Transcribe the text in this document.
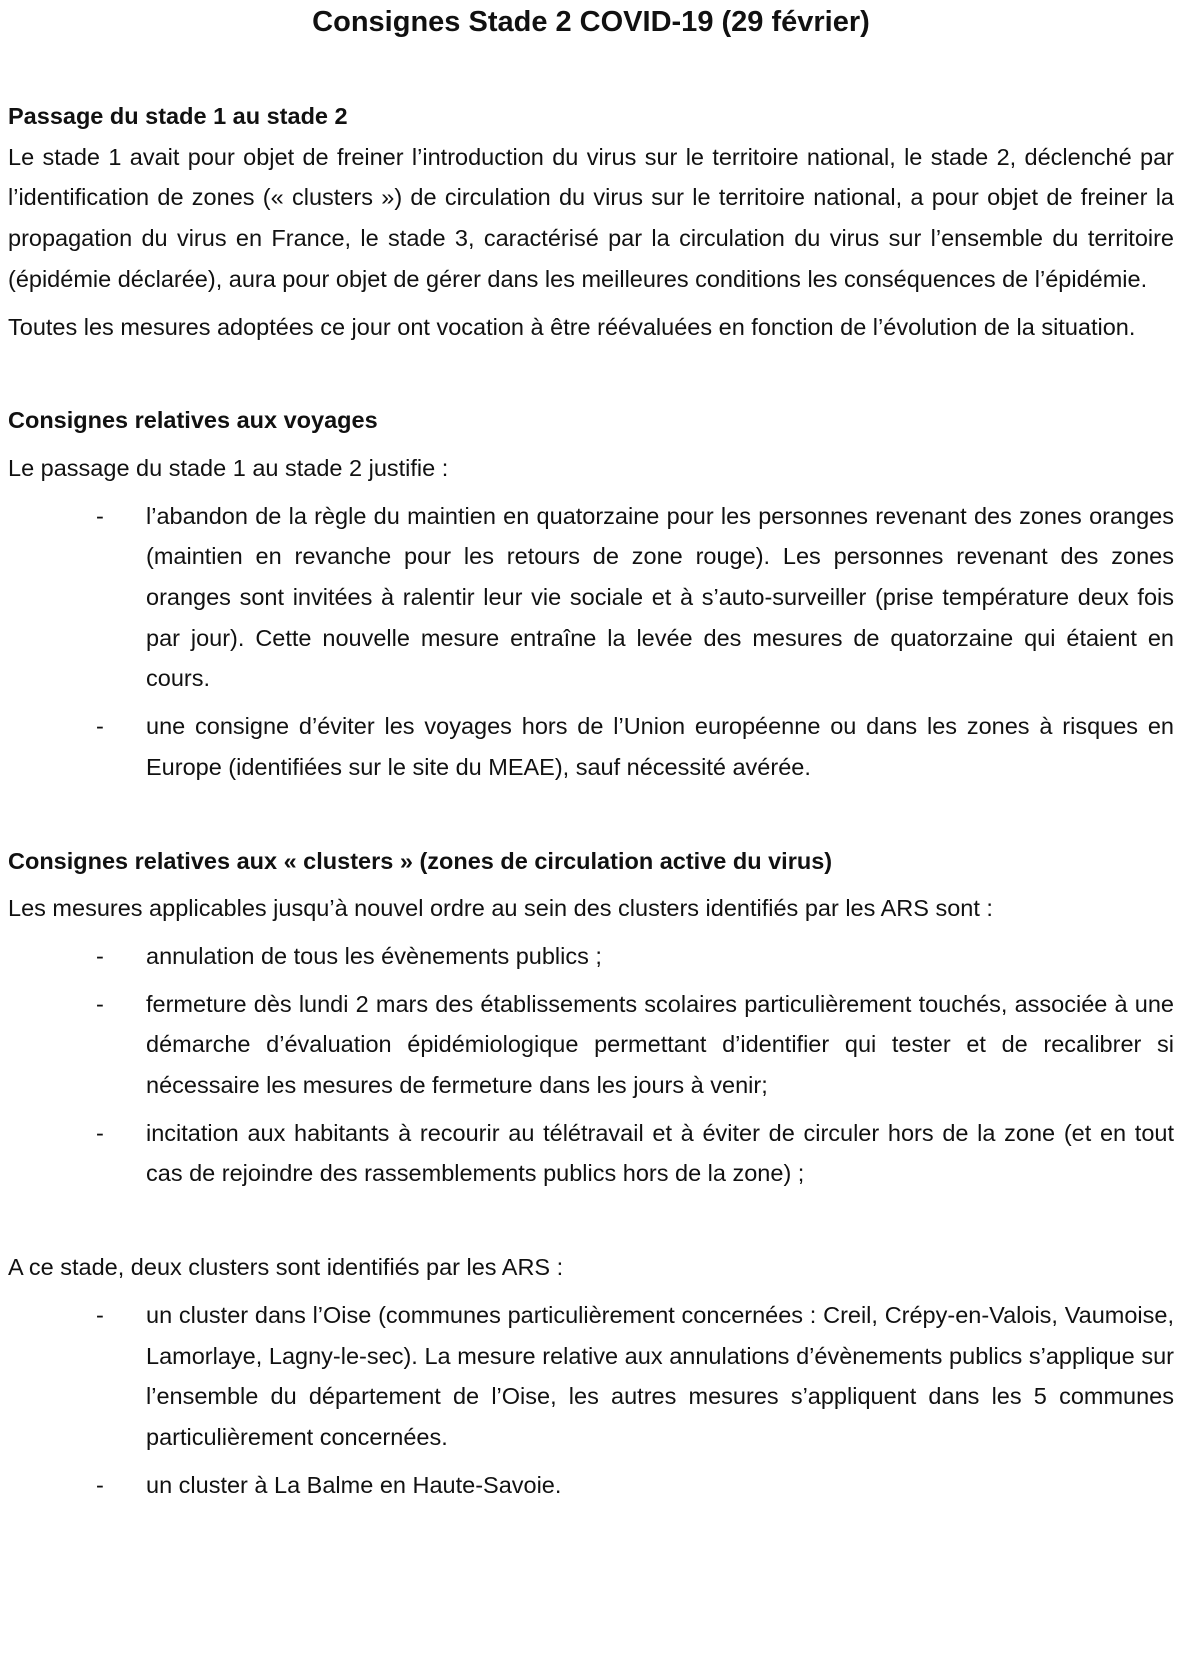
Consignes Stade 2 COVID-19 (29 février)
Passage du stade 1 au stade 2

Le stade 1 avait pour objet de freiner l’introduction du virus sur le territoire national, le stade 2, déclenché par l’identification de zones (« clusters ») de circulation du virus sur le territoire national, a pour objet de freiner la propagation du virus en France, le stade 3, caractérisé par la circulation du virus sur l’ensemble du territoire (épidémie déclarée), aura pour objet de gérer dans les meilleures conditions les conséquences de l’épidémie.

Toutes les mesures adoptées ce jour ont vocation à être réévaluées en fonction de l’évolution de la situation.

Consignes relatives aux voyages

Le passage du stade 1 au stade 2 justifie :

- l’abandon de la règle du maintien en quatorzaine pour les personnes revenant des zones oranges (maintien en revanche pour les retours de zone rouge). Les personnes revenant des zones oranges sont invitées à ralentir leur vie sociale et à s’auto-surveiller (prise température deux fois par jour). Cette nouvelle mesure entraîne la levée des mesures de quatorzaine qui étaient en cours.
- une consigne d’éviter les voyages hors de l’Union européenne ou dans les zones à risques en Europe (identifiées sur le site du MEAE), sauf nécessité avérée.
Consignes relatives aux « clusters » (zones de circulation active du virus)

Les mesures applicables jusqu’à nouvel ordre au sein des clusters identifiés par les ARS sont :

- annulation de tous les évènements publics ;
- fermeture dès lundi 2 mars des établissements scolaires particulièrement touchés, associée à une démarche d’évaluation épidémiologique permettant d’identifier qui tester et de recalibrer si nécessaire les mesures de fermeture dans les jours à venir;
- incitation aux habitants à recourir au télétravail et à éviter de circuler hors de la zone (et en tout cas de rejoindre des rassemblements publics hors de la zone) ;

A ce stade, deux clusters sont identifiés par les ARS :

- un cluster dans l’Oise (communes particulièrement concernées : Creil, Crépy-en-Valois, Vaumoise, Lamorlaye, Lagny-le-sec). La mesure relative aux annulations d’évènements publics s’applique sur l’ensemble du département de l’Oise, les autres mesures s’appliquent dans les 5 communes particulièrement concernées.
- un cluster à La Balme en Haute-Savoie.
